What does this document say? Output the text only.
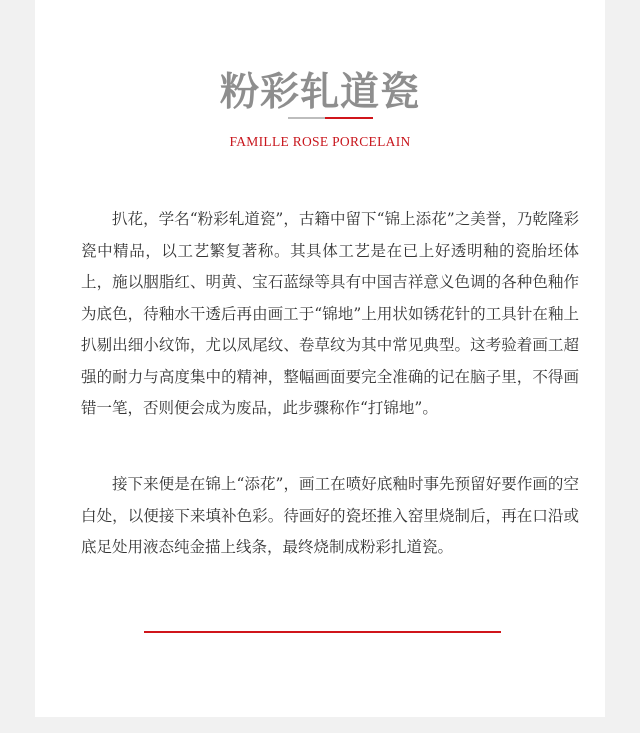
粉彩轧道瓷
FAMILLE ROSE PORCELAIN

扒花，学名“粉彩轧道瓷”，古籍中留下“锦上添花”之美誉，乃乾隆彩瓷中精品，以工艺繁复著称。其具体工艺是在已上好透明釉的瓷胎坯体上，施以胭脂红、明黄、宝石蓝绿等具有中国吉祥意义色调的各种色釉作为底色，待釉水干透后再由画工于“锦地”上用状如锈花针的工具针在釉上扒剔出细小纹饰，尤以凤尾纹、卷草纹为其中常见典型。这考验着画工超强的耐力与高度集中的精神，整幅画面要完全准确的记在脑子里，不得画错一笔，否则便会成为废品，此步骤称作“打锦地”。

接下来便是在锦上“添花”，画工在喷好底釉时事先预留好要作画的空白处，以便接下来填补色彩。待画好的瓷坯推入窑里烧制后，再在口沿或底足处用液态纯金描上线条，最终烧制成粉彩扎道瓷。
